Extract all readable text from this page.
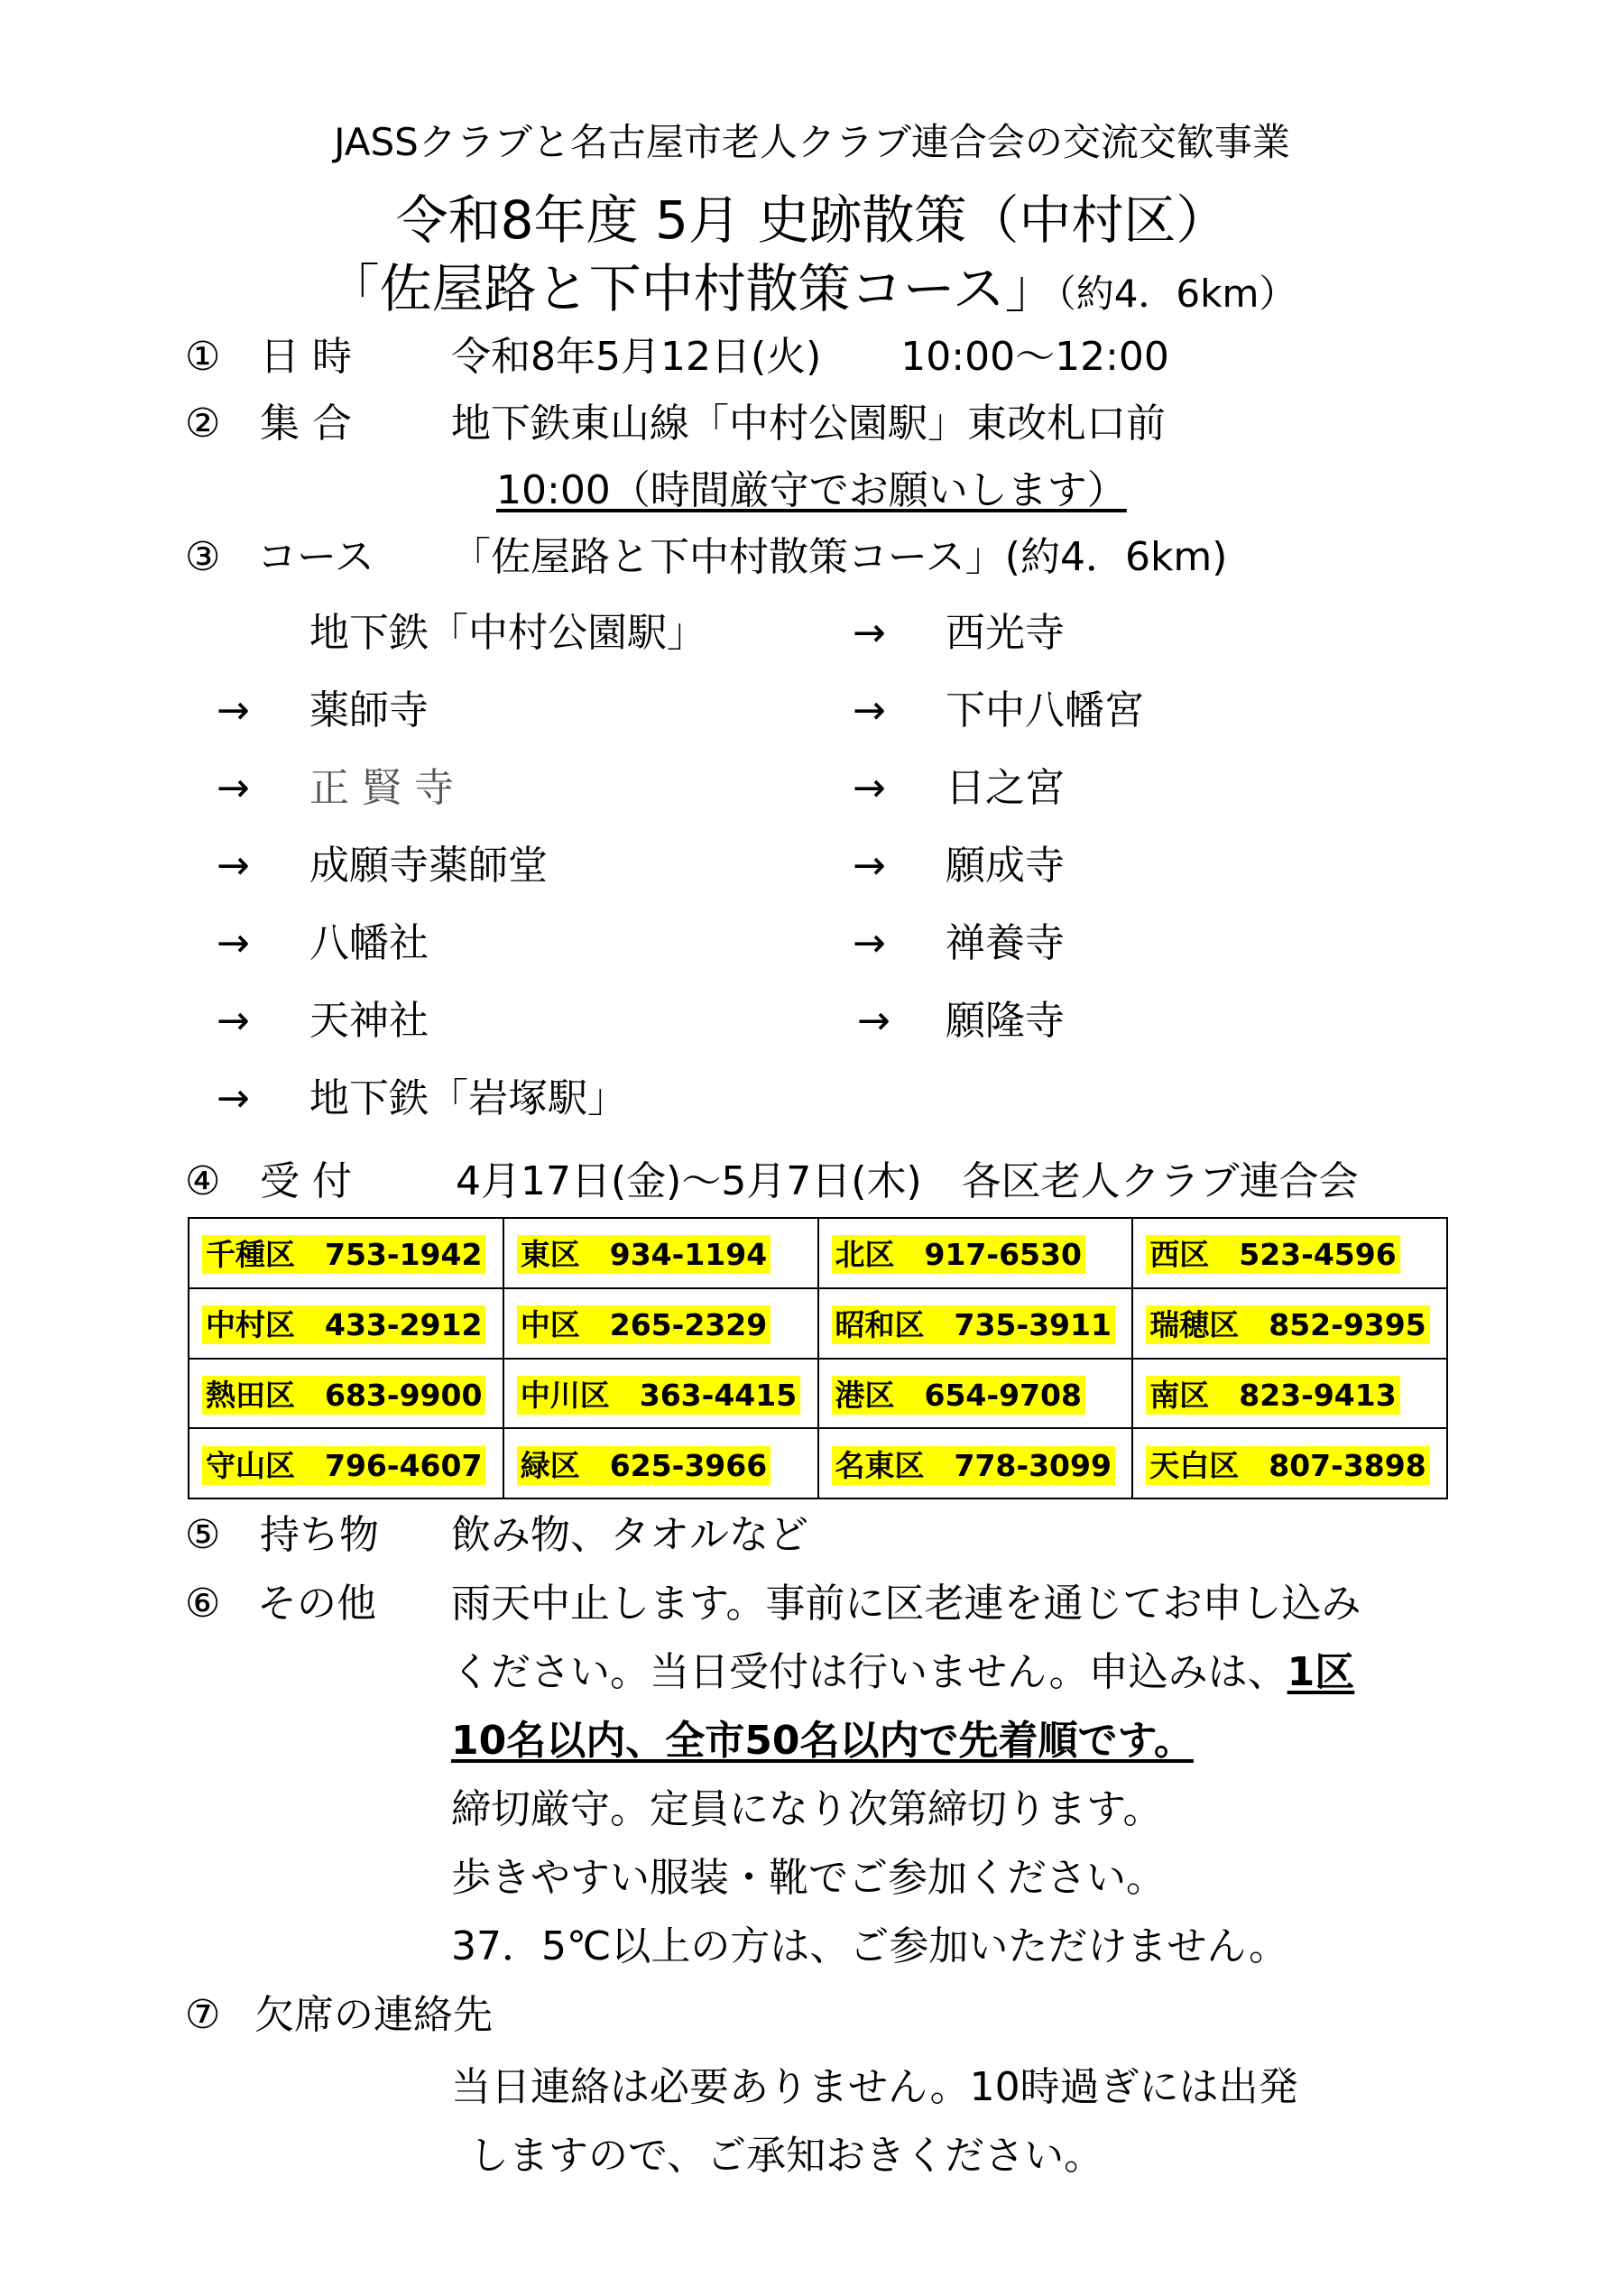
JASSクラブと名古屋市老人クラブ連合会の交流交歓事業
令和8年度 5月 史跡散策（中村区）
「佐屋路と下中村散策コース」（約4．6km）
① 日 時	令和8年5月12日(火)　　10:00～12:00
② 集 合	地下鉄東山線「中村公園駅」東改札口前
10:00（時間厳守でお願いします）
③ コース 「佐屋路と下中村散策コース」(約4．6km)
地下鉄「中村公園駅」	→ 西光寺
→ 薬師寺	→ 下中八幡宮
→ 正 賢 寺	→ 日之宮
→ 成願寺薬師堂	→ 願成寺
→ 八幡社	→ 禅養寺
→ 天神社	→ 願隆寺
→ 地下鉄「岩塚駅」
④ 受 付	4月17日(金)～5月7日(木)　各区老人クラブ連合会
千種区　753-1942	東区　934-1194	北区　917-6530	西区　523-4596
中村区　433-2912	中区　265-2329	昭和区　735-3911	瑞穂区　852-9395
熱田区　683-9900	中川区　363-4415	港区　654-9708	南区　823-9413
守山区　796-4607	緑区　625-3966	名東区　778-3099	天白区　807-3898
⑤ 持ち物 飲み物、タオルなど
⑥ その他 雨天中止します。事前に区老連を通じてお申し込み
ください。当日受付は行いません。申込みは、1区
10名以内、全市50名以内で先着順です。
締切厳守。定員になり次第締切ります。
歩きやすい服装・靴でご参加ください。
37．5℃以上の方は、ご参加いただけません。
⑦ 欠席の連絡先
当日連絡は必要ありません。10時過ぎには出発
しますので、ご承知おきください。
